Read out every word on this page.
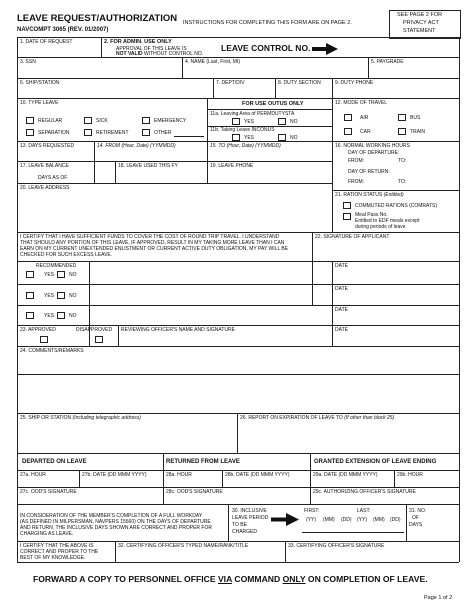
LEAVE REQUEST/AUTHORIZATION
NAVCOMPT 3065 (REV. 01/2007)
INSTRUCTIONS FOR COMPLETING THIS FORM ARE ON PAGE 2.
SEE PAGE 2 FOR
PRIVACY ACT
STATEMENT
1. DATE OF REQUEST	2. FOR ADMIN. USE ONLY
APPROVAL OF THIS LEAVE IS
NOT VALID WITHOUT CONTROL NO.
LEAVE CONTROL NO.
3. SSN	4. NAME (Last, First, MI)	5. PAYGRADE
6. SHIP/STATION	7. DEPT/DIV	8. DUTY SECTION	9. DUTY PHONE
10. TYPE LEAVE
REGULAR	SICK	EMERGENCY
SEPARATION	RETIREMENT	OTHER
FOR USE OUTUS ONLY
11a. Leaving Area of PERMDUTYSTA
YES	NO
11b. Taking Leave INCONUS
YES	NO
12. MODE OF TRAVEL
AIR	BUS
CAR	TRAIN
13. DAYS REQUESTED	14. FROM (Hour, Date) (YYMMDD)	15. TO (Hour, Date) (YYMMDD)	16. NORMAL WORKING HOURS
DAY OF DEPARTURE:
FROM:	TO:
DAY OF RETURN:
FROM:	TO:
17. LEAVE BALANCE
DAYS AS OF
18. LEAVE USED THIS FY	19. LEAVE PHONE
20. LEAVE ADDRESS
21. RATION STATUS (Entitled)
COMMUTED RATIONS (COMRATS)
Meal Pass No.
Entitled to EDF meals except
during periods of leave
I CERTIFY THAT I HAVE SUFFICIENT FUNDS TO COVER THE COST OF ROUND TRIP TRAVEL. I UNDERSTAND
THAT SHOULD ANY PORTION OF THIS LEAVE, IF APPROVED, RESULT IN MY TAKING MORE LEAVE THAN I CAN
EARN ON MY CURRENT UNEXTENDED ENLISTMENT OR CURRENT ACTIVE DUTY OBLIGATION, MY PAY WILL BE
CHECKED FOR SUCH EXCESS LEAVE.
22. SIGNATURE OF APPLICANT
RECOMMENDED
YES	NO
DATE
YES	NO
DATE
YES	NO
DATE
23. APPROVED	DISAPPROVED REVIEWING OFFICER'S NAME AND SIGNATURE	DATE
24. COMMENTS/REMARKS
25. SHIP OR STATION (Including telegraphic address)	26. REPORT ON EXPIRATION OF LEAVE TO (If other than block 25)
DEPARTED ON LEAVE	RETURNED FROM LEAVE	GRANTED EXTENSION OF LEAVE ENDING
27a. HOUR	27b. DATE (DD MMM YYYY)	28a. HOUR	28b. DATE (DD MMM YYYY)	29a. DATE (DD MMM YYYY)	29b. HOUR
27c. OOD'S SIGNATURE	28c. OOD'S SIGNATURE	29c. AUTHORIZING OFFICER'S SIGNATURE
IN CONSIDERATION OF THE MEMBER'S COMPLETION OF A FULL WORKDAY
(AS DEFINED IN MILPERSMAN, NAVPERS 15560) ON THE DAYS OF DEPARTURE
AND RETURN, THE INCLUSIVE DAYS SHOWN ARE CORRECT AND PROPER FOR
CHARGING AS LEAVE.
30. INCLUSIVE
LEAVE PERIOD
TO BE
CHARGED
FIRST:	LAST:
(YY) (MM) (DD) (YY) (MM) (DD)
31. NO.
OF
DAYS
I CERTIFY THAT THE ABOVE IS
CORRECT AND PROPER TO THE
BEST OF MY KNOWLEDGE.
32. CERTIFYING OFFICER'S TYPED NAME/RANK/TITLE	33. CERTIFYING OFFICER'S SIGNATURE
FORWARD A COPY TO PERSONNEL OFFICE VIA COMMAND ONLY ON COMPLETION OF LEAVE.
Page 1 of 2
